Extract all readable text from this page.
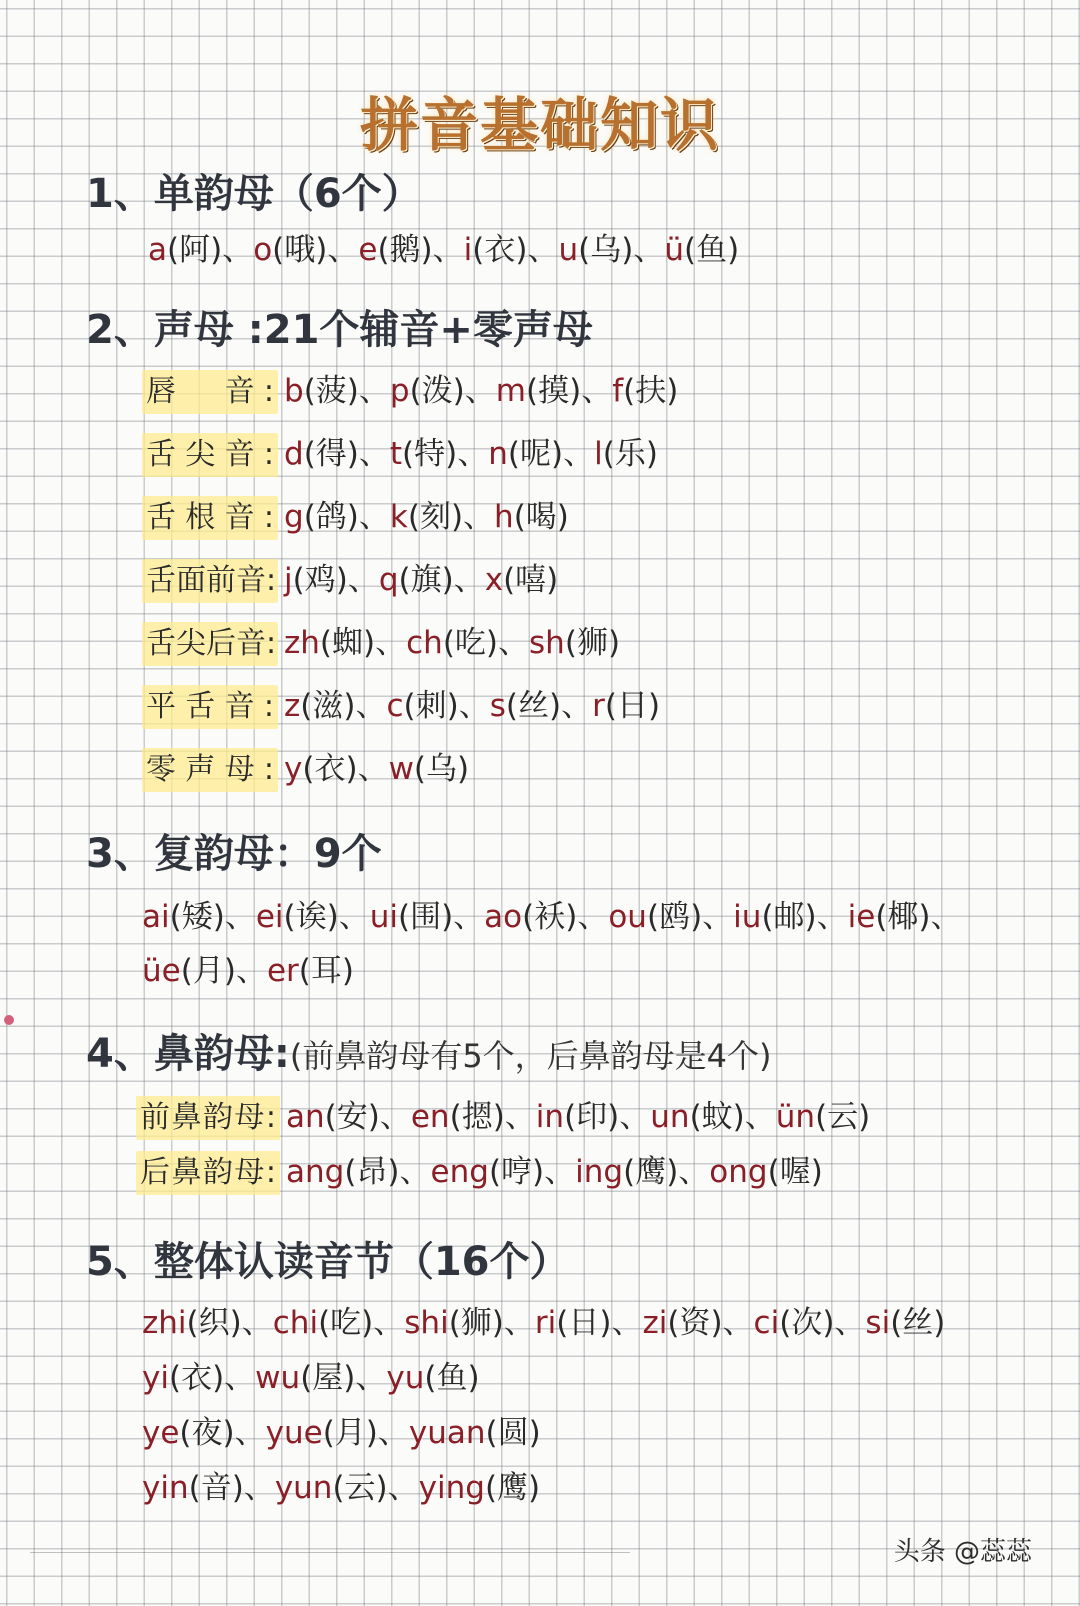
拼音基础知识
1、单韵母（6个）
a(阿)、o(哦)、e(鹅)、i(衣)、u(乌)、ü(鱼)
2、声母 :21个辅音+零声母
唇　音: b(菠)、p(泼)、m(摸)、f(扶)
舌尖音: d(得)、t(特)、n(呢)、l(乐)
舌根音: g(鸽)、k(刻)、h(喝)
舌面前音: j(鸡)、q(旗)、x(嘻)
舌尖后音: zh(蜘)、ch(吃)、sh(狮)
平舌音: z(滋)、c(刺)、s(丝)、r(日)
零声母: y(衣)、w(乌)
3、复韵母：9个
ai(矮)、ei(诶)、ui(围)、ao(袄)、ou(鸥)、iu(邮)、ie(椰)、
üe(月)、er(耳)
4、鼻韵母:(前鼻韵母有5个，后鼻韵母是4个)
前鼻韵母: an(安)、en(摁)、in(印)、un(蚊)、ün(云)
后鼻韵母: ang(昂)、eng(哼)、ing(鹰)、ong(喔)
5、整体认读音节（16个）
zhi(织)、chi(吃)、shi(狮)、ri(日)、zi(资)、ci(次)、si(丝)
yi(衣)、wu(屋)、yu(鱼)
ye(夜)、yue(月)、yuan(圆)
yin(音)、yun(云)、ying(鹰)
头条 @蕊蕊
